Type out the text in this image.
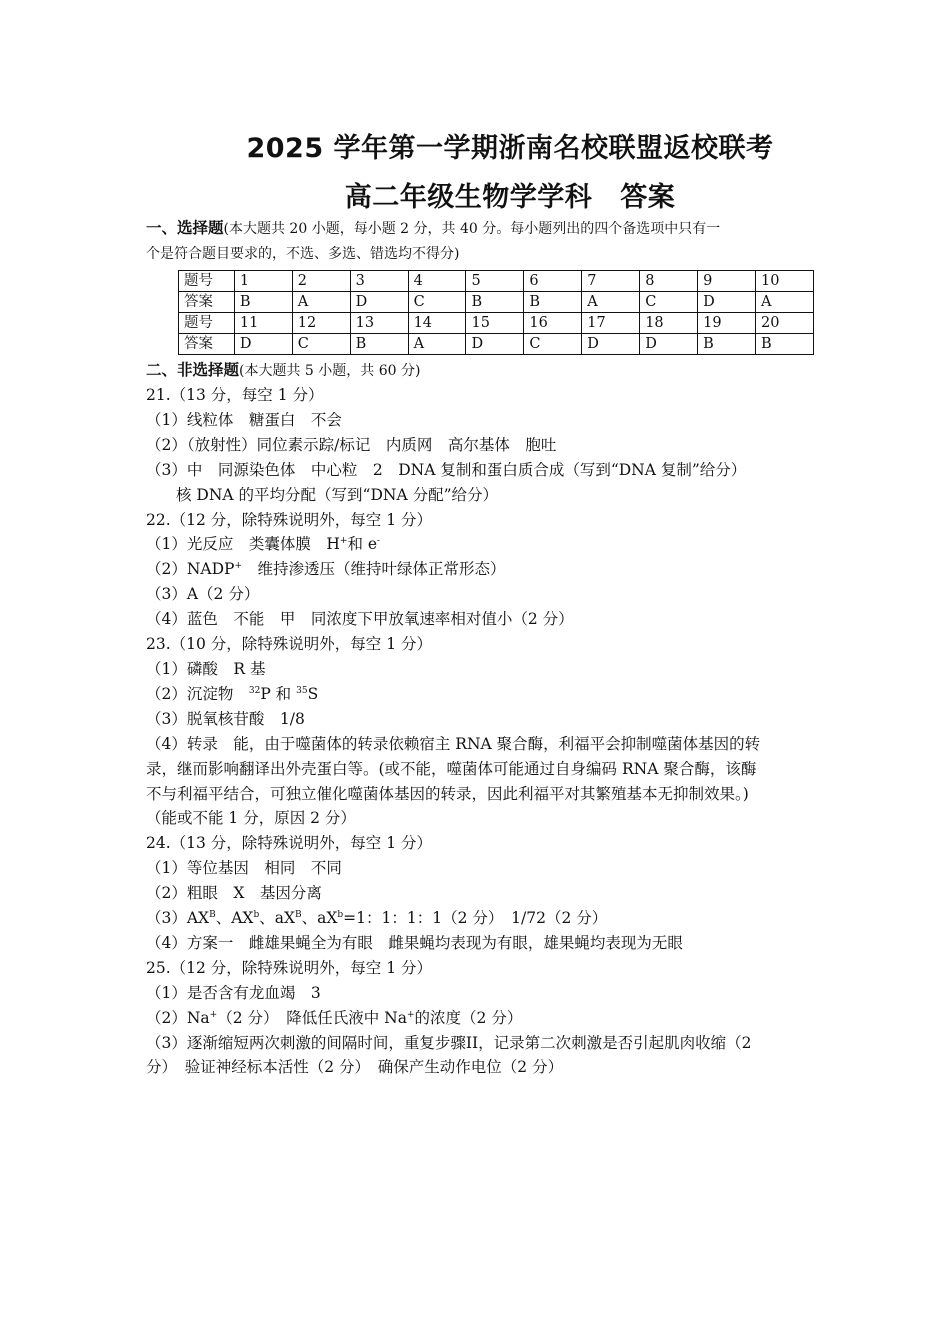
2025 学年第一学期浙南名校联盟返校联考
高二年级生物学学科 答案
一、选择题(本大题共 20 小题，每小题 2 分，共 40 分。每小题列出的四个备选项中只有一
个是符合题目要求的，不选、多选、错选均不得分)
题号	1	2	3	4	5	6	7	8	9	10
答案	B	A	D	C	B	B	A	C	D	A
题号	11	12	13	14	15	16	17	18	19	20
答案	D	C	B	A	D	C	D	D	B	B
二、非选择题(本大题共 5 小题，共 60 分)
21.（13 分，每空 1 分）
（1）线粒体　糖蛋白　不会
（2）（放射性）同位素示踪/标记　内质网　高尔基体　胞吐
（3）中　同源染色体　中心粒　2　DNA 复制和蛋白质合成（写到“DNA 复制”给分）
核 DNA 的平均分配（写到“DNA 分配”给分）
22.（12 分，除特殊说明外，每空 1 分）
（1）光反应　类囊体膜　H+和 e-
（2）NADP+　维持渗透压（维持叶绿体正常形态）
（3）A（2 分）
（4）蓝色　不能　甲　同浓度下甲放氧速率相对值小（2 分）
23.（10 分，除特殊说明外，每空 1 分）
（1）磷酸　R 基
（2）沉淀物　$^{32}$P 和 $^{35}$S
（3）脱氧核苷酸　1/8
（4）转录　能，由于噬菌体的转录依赖宿主 RNA 聚合酶，利福平会抑制噬菌体基因的转
录，继而影响翻译出外壳蛋白等。(或不能，噬菌体可能通过自身编码 RNA 聚合酶，该酶
不与利福平结合，可独立催化噬菌体基因的转录，因此利福平对其繁殖基本无抑制效果。)
（能或不能 1 分，原因 2 分）
24.（13 分，除特殊说明外，每空 1 分）
（1）等位基因　相同　不同
（2）粗眼　X　基因分离
$(3)AX^B$、$AX^b$、$aX^B$、$aX^b=1$：1：1：1（2 分）　1/72（2 分）
（4）方案一　雌雄果蝇全为有眼　雌果蝇均表现为有眼，雄果蝇均表现为无眼
25.（12 分，除特殊说明外，每空 1 分）
（1）是否含有龙血竭　3
（2）Na+（2 分）　降低任氏液中 Na+的浓度（2 分）
（3）逐渐缩短两次刺激的间隔时间，重复步骤II，记录第二次刺激是否引起肌肉收缩（2
分）　验证神经标本活性（2 分）　确保产生动作电位（2 分）
